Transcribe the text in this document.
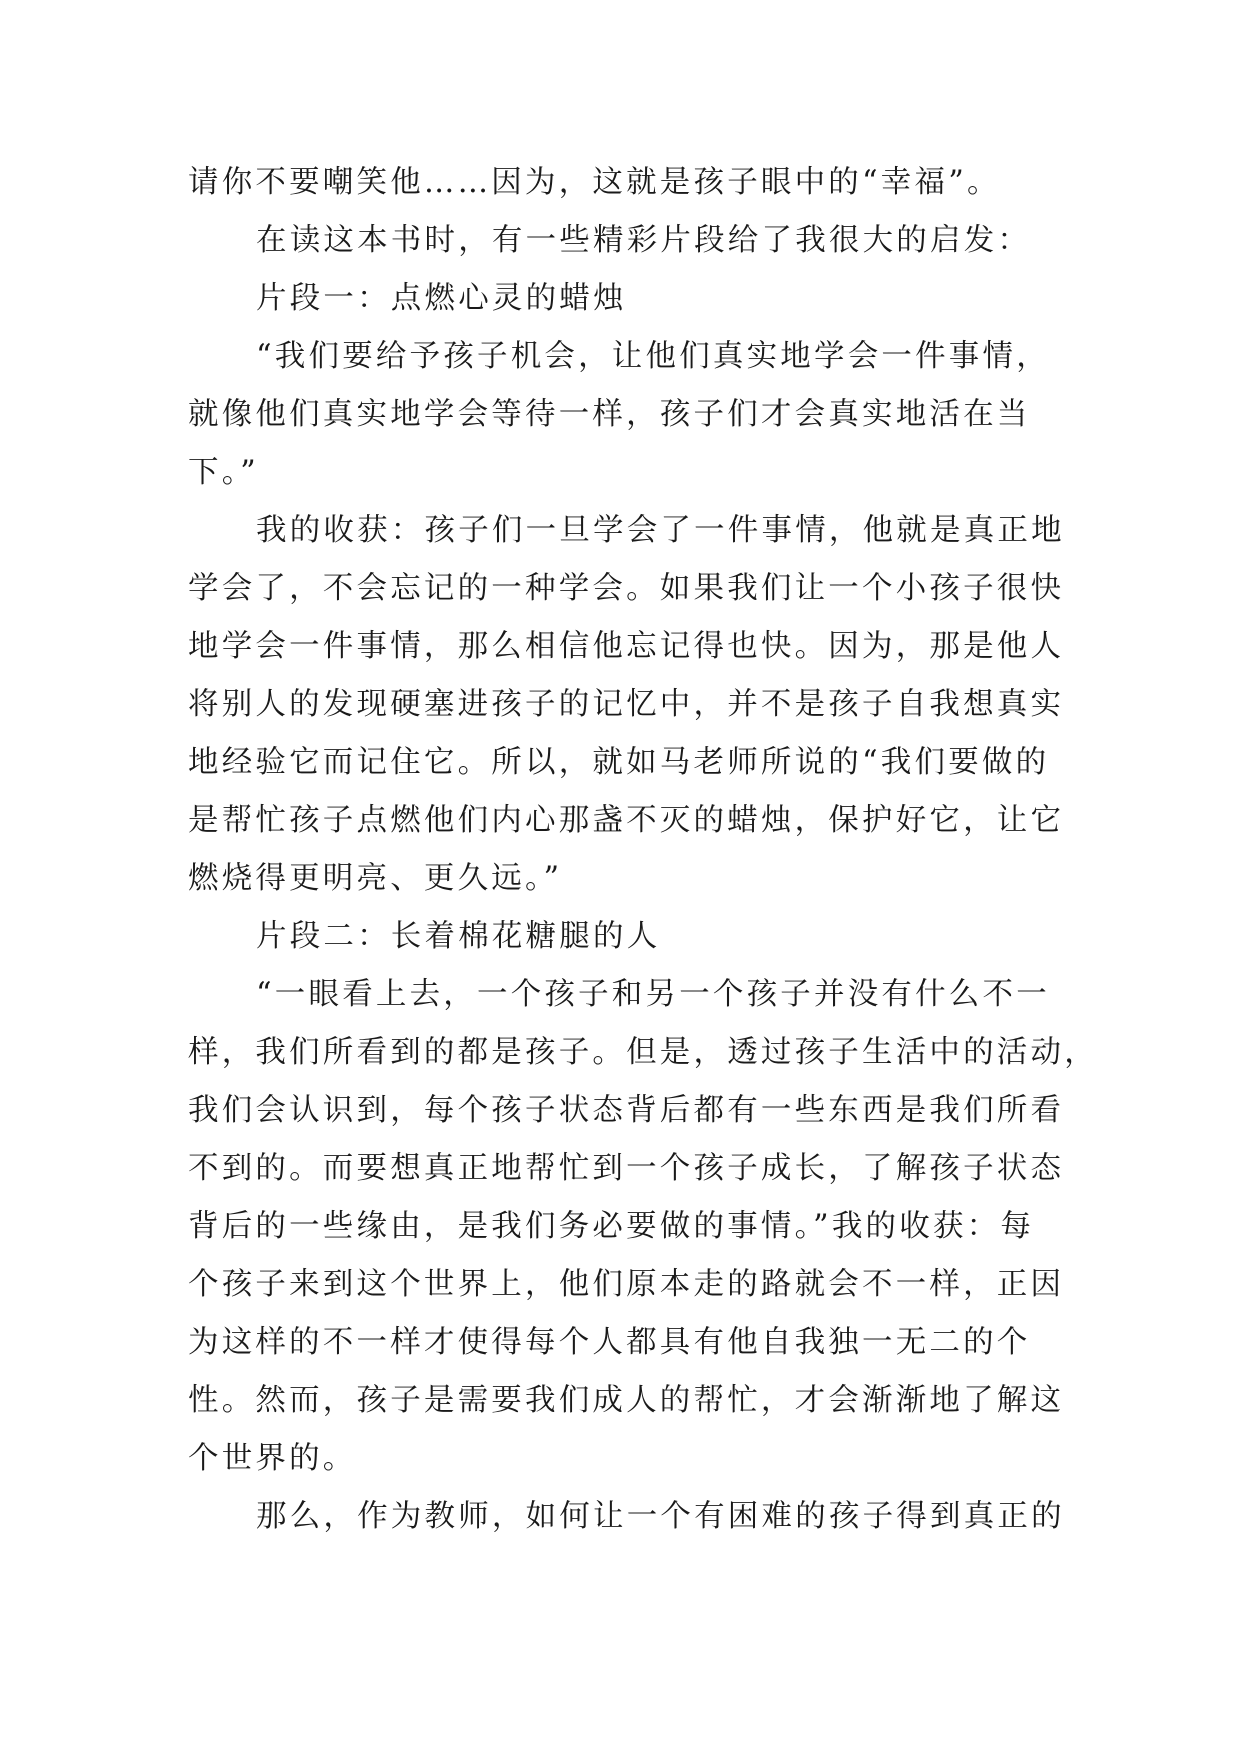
请你不要嘲笑他……因为，这就是孩子眼中的“幸福”。
在读这本书时，有一些精彩片段给了我很大的启发：
片段一：点燃心灵的蜡烛
“我们要给予孩子机会，让他们真实地学会一件事情，
就像他们真实地学会等待一样，孩子们才会真实地活在当
下。”
我的收获：孩子们一旦学会了一件事情，他就是真正地
学会了，不会忘记的一种学会。如果我们让一个小孩子很快
地学会一件事情，那么相信他忘记得也快。因为，那是他人
将别人的发现硬塞进孩子的记忆中，并不是孩子自我想真实
地经验它而记住它。所以，就如马老师所说的“我们要做的
是帮忙孩子点燃他们内心那盏不灭的蜡烛，保护好它，让它
燃烧得更明亮、更久远。”
片段二：长着棉花糖腿的人
“一眼看上去，一个孩子和另一个孩子并没有什么不一
样，我们所看到的都是孩子。但是，透过孩子生活中的活动，
我们会认识到，每个孩子状态背后都有一些东西是我们所看
不到的。而要想真正地帮忙到一个孩子成长，了解孩子状态
背后的一些缘由，是我们务必要做的事情。”我的收获：每
个孩子来到这个世界上，他们原本走的路就会不一样，正因
为这样的不一样才使得每个人都具有他自我独一无二的个
性。然而，孩子是需要我们成人的帮忙，才会渐渐地了解这
个世界的。
那么，作为教师，如何让一个有困难的孩子得到真正的
